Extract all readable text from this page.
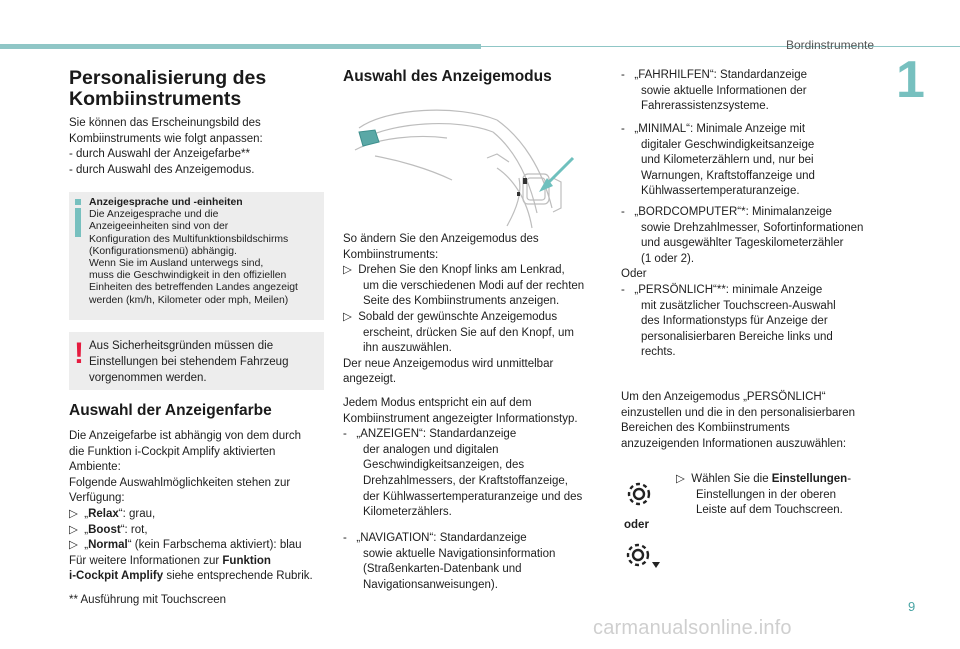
Bordinstrumente
1
9
carmanualsonline.info
Personalisierung des
Kombiinstruments
Sie können das Erscheinungsbild des
Kombiinstruments wie folgt anpassen:
- durch Auswahl der Anzeigefarbe**
- durch Auswahl des Anzeigemodus.
Anzeigesprache und -einheiten
Die Anzeigesprache und die
Anzeigeeinheiten sind von der
Konfiguration des Multifunktionsbildschirms
(Konfigurationsmenü) abhängig.
Wenn Sie im Ausland unterwegs sind,
muss die Geschwindigkeit in den offiziellen
Einheiten des betreffenden Landes angezeigt
werden (km/h, Kilometer oder mph, Meilen)
! Aus Sicherheitsgründen müssen die
Einstellungen bei stehendem Fahrzeug
vorgenommen werden.
Auswahl der Anzeigenfarbe
Die Anzeigefarbe ist abhängig von dem durch
die Funktion i-Cockpit Amplify aktivierten
Ambiente:
Folgende Auswahlmöglichkeiten stehen zur
Verfügung:
▷ „Relax“: grau,
▷ „Boost“: rot,
▷ „Normal“ (kein Farbschema aktiviert): blau
Für weitere Informationen zur Funktion
i-Cockpit Amplify siehe entsprechende Rubrik.
** Ausführung mit Touchscreen
Auswahl des Anzeigemodus
So ändern Sie den Anzeigemodus des
Kombiinstruments:
▷ Drehen Sie den Knopf links am Lenkrad,
um die verschiedenen Modi auf der rechten
Seite des Kombiinstruments anzeigen.
▷ Sobald der gewünschte Anzeigemodus
erscheint, drücken Sie auf den Knopf, um
ihn auszuwählen.
Der neue Anzeigemodus wird unmittelbar
angezeigt.
Jedem Modus entspricht ein auf dem
Kombiinstrument angezeigter Informationstyp.
-   „ANZEIGEN“: Standardanzeige
der analogen und digitalen
Geschwindigkeitsanzeigen, des
Drehzahlmessers, der Kraftstoffanzeige,
der Kühlwassertemperaturanzeige und des
Kilometerzählers.
-   „NAVIGATION“: Standardanzeige
sowie aktuelle Navigationsinformation
(Straßenkarten-Datenbank und
Navigationsanweisungen).
-   „FAHRHILFEN“: Standardanzeige
sowie aktuelle Informationen der
Fahrerassistenzsysteme.
-   „MINIMAL“: Minimale Anzeige mit
digitaler Geschwindigkeitsanzeige
und Kilometerzählern und, nur bei
Warnungen, Kraftstoffanzeige und
Kühlwassertemperaturanzeige.
-   „BORDCOMPUTER“*: Minimalanzeige
sowie Drehzahlmesser, Sofortinformationen
und ausgewählter Tageskilometerzähler
(1 oder 2).
Oder
-   „PERSÖNLICH“**: minimale Anzeige
mit zusätzlicher Touchscreen-Auswahl
des Informationstyps für Anzeige der
personalisierbaren Bereiche links und
rechts.
Um den Anzeigemodus „PERSÖNLICH“
einzustellen und die in den personalisierbaren
Bereichen des Kombiinstruments
anzuzeigenden Informationen auszuwählen:
oder
▷ Wählen Sie die Einstellungen-
Einstellungen in der oberen
Leiste auf dem Touchscreen.
